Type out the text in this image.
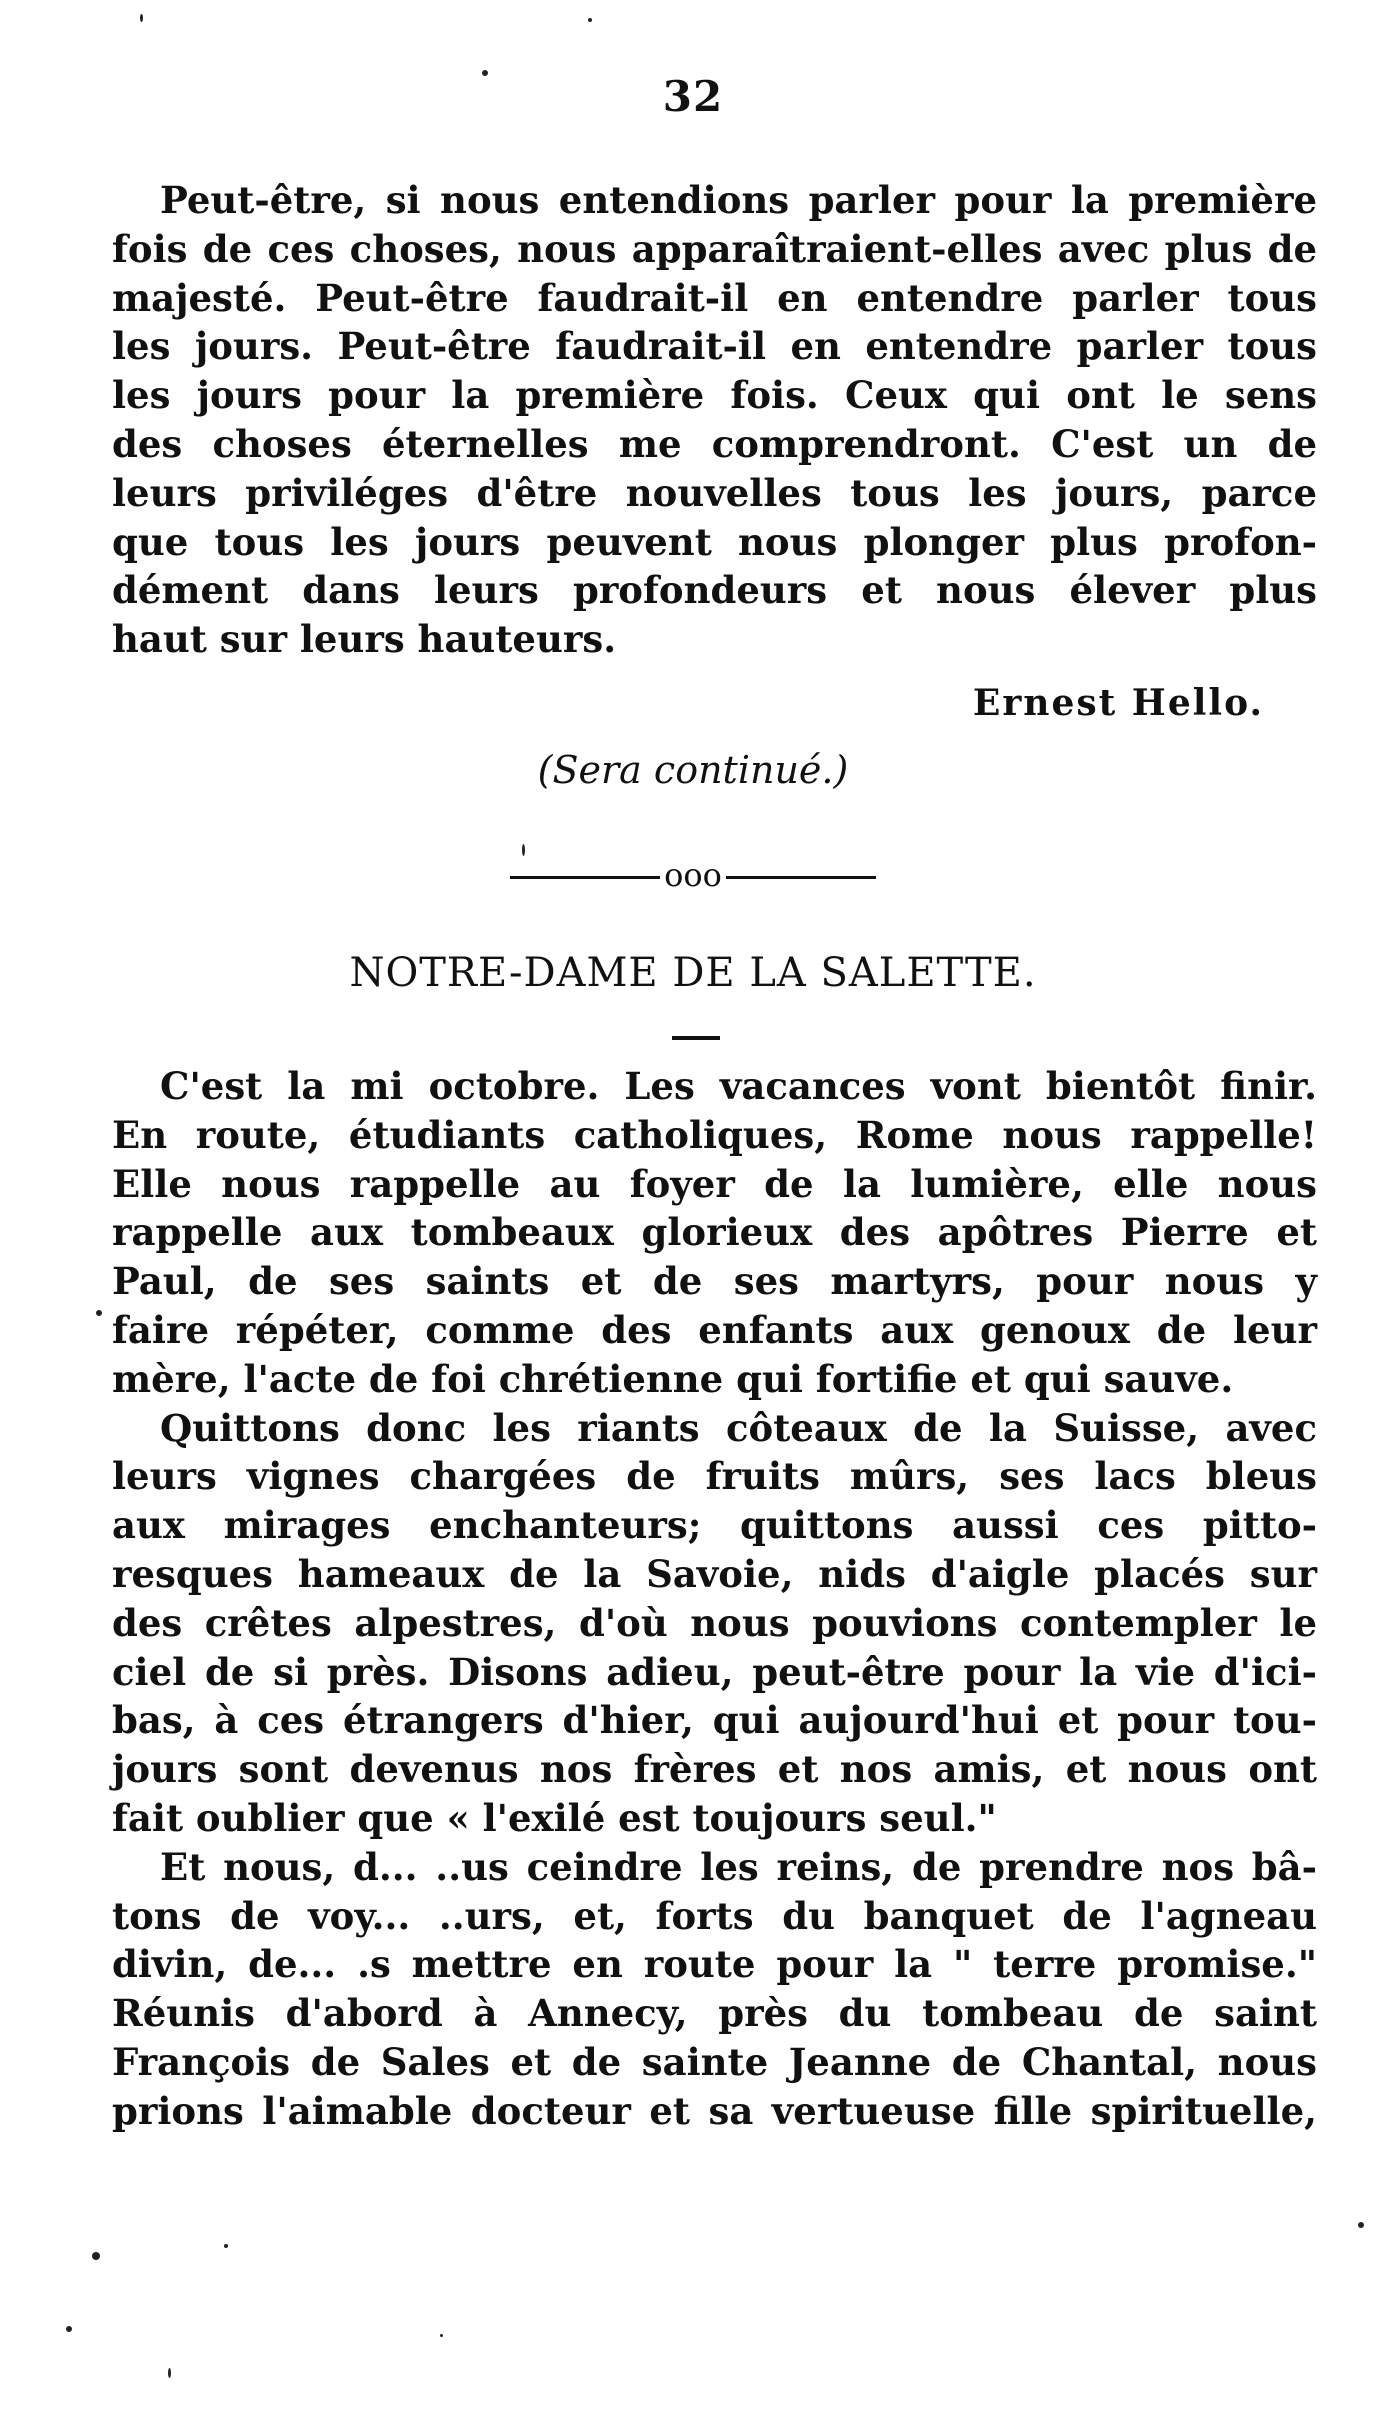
32
Peut-être, si nous entendions parler pour la première
fois de ces choses, nous apparaîtraient-elles avec plus de
majesté. Peut-être faudrait-il en entendre parler tous
les jours. Peut-être faudrait-il en entendre parler tous
les jours pour la première fois. Ceux qui ont le sens
des choses éternelles me comprendront. C'est un de
leurs priviléges d'être nouvelles tous les jours, parce
que tous les jours peuvent nous plonger plus profon-
dément dans leurs profondeurs et nous élever plus
haut sur leurs hauteurs.
Ernest Hello.
(Sera continué.)
ooo
NOTRE-DAME DE LA SALETTE.
C'est la mi octobre. Les vacances vont bientôt finir.
En route, étudiants catholiques, Rome nous rappelle!
Elle nous rappelle au foyer de la lumière, elle nous
rappelle aux tombeaux glorieux des apôtres Pierre et
Paul, de ses saints et de ses martyrs, pour nous y
faire répéter, comme des enfants aux genoux de leur
mère, l'acte de foi chrétienne qui fortifie et qui sauve.
Quittons donc les riants côteaux de la Suisse, avec
leurs vignes chargées de fruits mûrs, ses lacs bleus
aux mirages enchanteurs; quittons aussi ces pitto-
resques hameaux de la Savoie, nids d'aigle placés sur
des crêtes alpestres, d'où nous pouvions contempler le
ciel de si près. Disons adieu, peut-être pour la vie d'ici-
bas, à ces étrangers d'hier, qui aujourd'hui et pour tou-
jours sont devenus nos frères et nos amis, et nous ont
fait oublier que « l'exilé est toujours seul."
Et nous, d... ..us ceindre les reins, de prendre nos bâ-
tons de voy... ..urs, et, forts du banquet de l'agneau
divin, de... .s mettre en route pour la " terre promise."
Réunis d'abord à Annecy, près du tombeau de saint
François de Sales et de sainte Jeanne de Chantal, nous
prions l'aimable docteur et sa vertueuse fille spirituelle,
